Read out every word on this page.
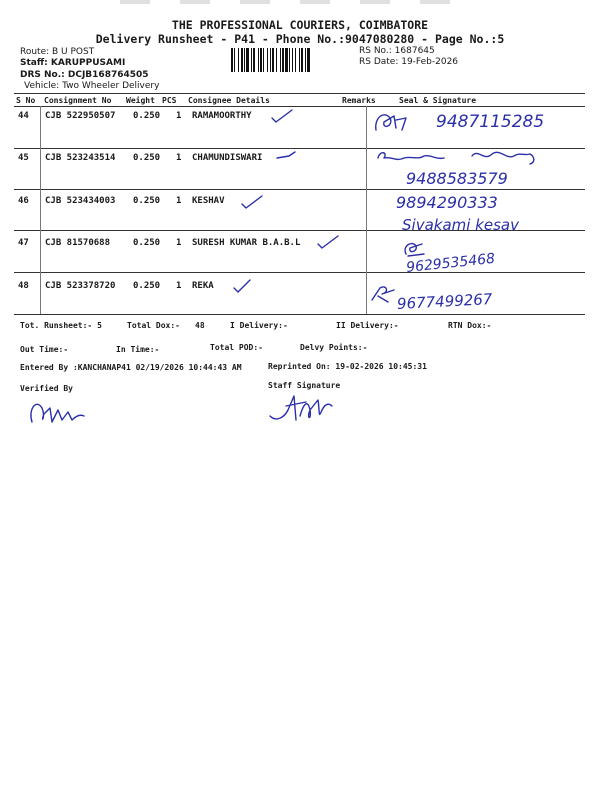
THE PROFESSIONAL COURIERS, COIMBATORE
Delivery Runsheet - P41 - Phone No.:9047080280 - Page No.:5
Route: B U POST
Staff: KARUPPUSAMI
DRS No.: DCJB168764505
Vehicle: Two Wheeler Delivery
RS No.: 1687645
RS Date: 19-Feb-2026
S No Consignment No Weight PCS Consignee Details	Remarks	Seal & Signature
44 CJB 522950507 0.250 1 RAMAMOORTHY
45 CJB 523243514 0.250 1 CHAMUNDISWARI
46 CJB 523434003 0.250 1 KESHAV
47 CJB 81570688	0.250 1 SURESH KUMAR B.A.B.L
48 CJB 523378720 0.250 1 REKA
9487115285
9488583579
9894290333
Sivakami kesav
9629535468
9677499267
Tot. Runsheet:- 5	Total Dox:- 48	I Delivery:-	II Delivery:-	RTN Dox:-
Out Time:-	In Time:-	Total POD:-	Delvy Points:-
Entered By :KANCHANAP41 02/19/2026 10:44:43 AM	Reprinted On: 19-02-2026 10:45:31
Verified By	Staff Signature
